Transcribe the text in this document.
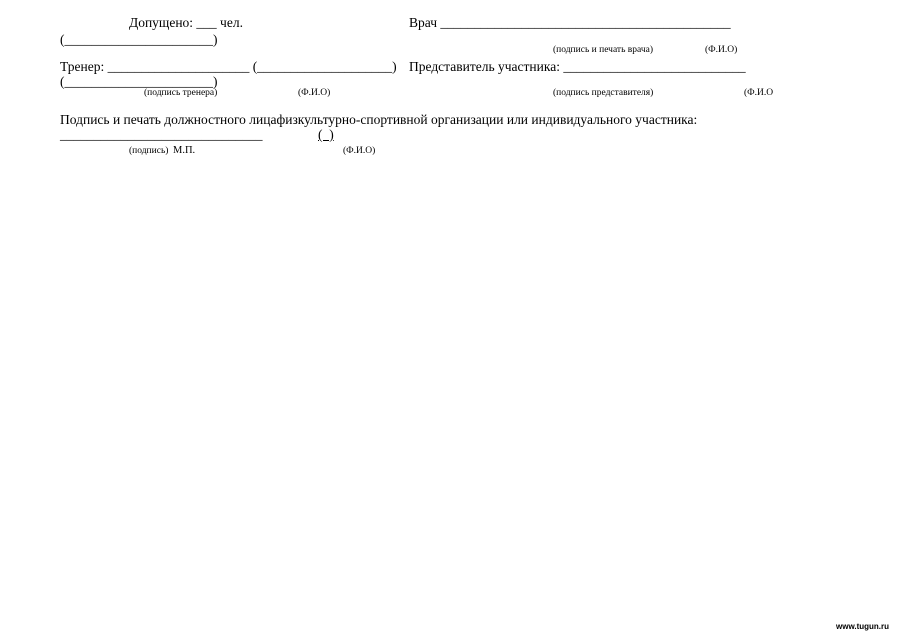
Допущено: ___ чел.
(______________________)
Врач ___________________________________________
(подпись и печать врача)	(Ф.И.О)
Тренер: _____________________ (____________________)
(______________________)
Представитель участника: ___________________________
(подпись тренера)	(Ф.И.О)	(подпись представителя)	(Ф.И.О
Подпись и печать должностного лицафизкультурно-спортивной организации или индивидуального участника:
______________________________	(  )
(подпись) М.П.	(Ф.И.О)
www.tugun.ru
